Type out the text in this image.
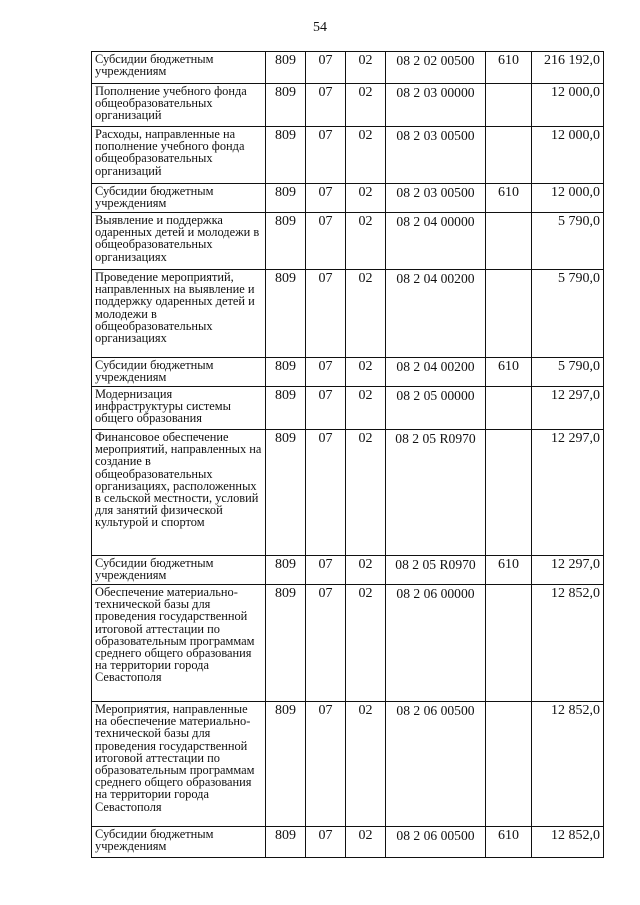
54
Субсидии бюджетным учреждениям	809	07	02	08 2 02 00500	610	216 192,0
Пополнение учебного фонда общеобразовательных организаций	809	07	02	08 2 03 00000		12 000,0
Расходы, направленные на пополнение учебного фонда общеобразовательных организаций	809	07	02	08 2 03 00500		12 000,0
Субсидии бюджетным учреждениям	809	07	02	08 2 03 00500	610	12 000,0
Выявление и поддержка одаренных детей и молодежи в общеобразовательных организациях	809	07	02	08 2 04 00000		5 790,0
Проведение мероприятий, направленных на выявление и поддержку одаренных детей и молодежи в общеобразовательных организациях	809	07	02	08 2 04 00200		5 790,0
Субсидии бюджетным учреждениям	809	07	02	08 2 04 00200	610	5 790,0
Модернизация инфраструктуры системы общего образования	809	07	02	08 2 05 00000		12 297,0
Финансовое обеспечение мероприятий, направленных на создание в общеобразовательных организациях, расположенных в сельской местности, условий для занятий физической культурой и спортом	809	07	02	08 2 05 R0970		12 297,0
Субсидии бюджетным учреждениям	809	07	02	08 2 05 R0970	610	12 297,0
Обеспечение материально-технической базы для проведения государственной итоговой аттестации по образовательным программам среднего общего образования на территории города Севастополя	809	07	02	08 2 06 00000		12 852,0
Мероприятия, направленные на обеспечение материально-технической базы для проведения государственной итоговой аттестации по образовательным программам среднего общего образования на территории города Севастополя	809	07	02	08 2 06 00500		12 852,0
Субсидии бюджетным учреждениям	809	07	02	08 2 06 00500	610	12 852,0
